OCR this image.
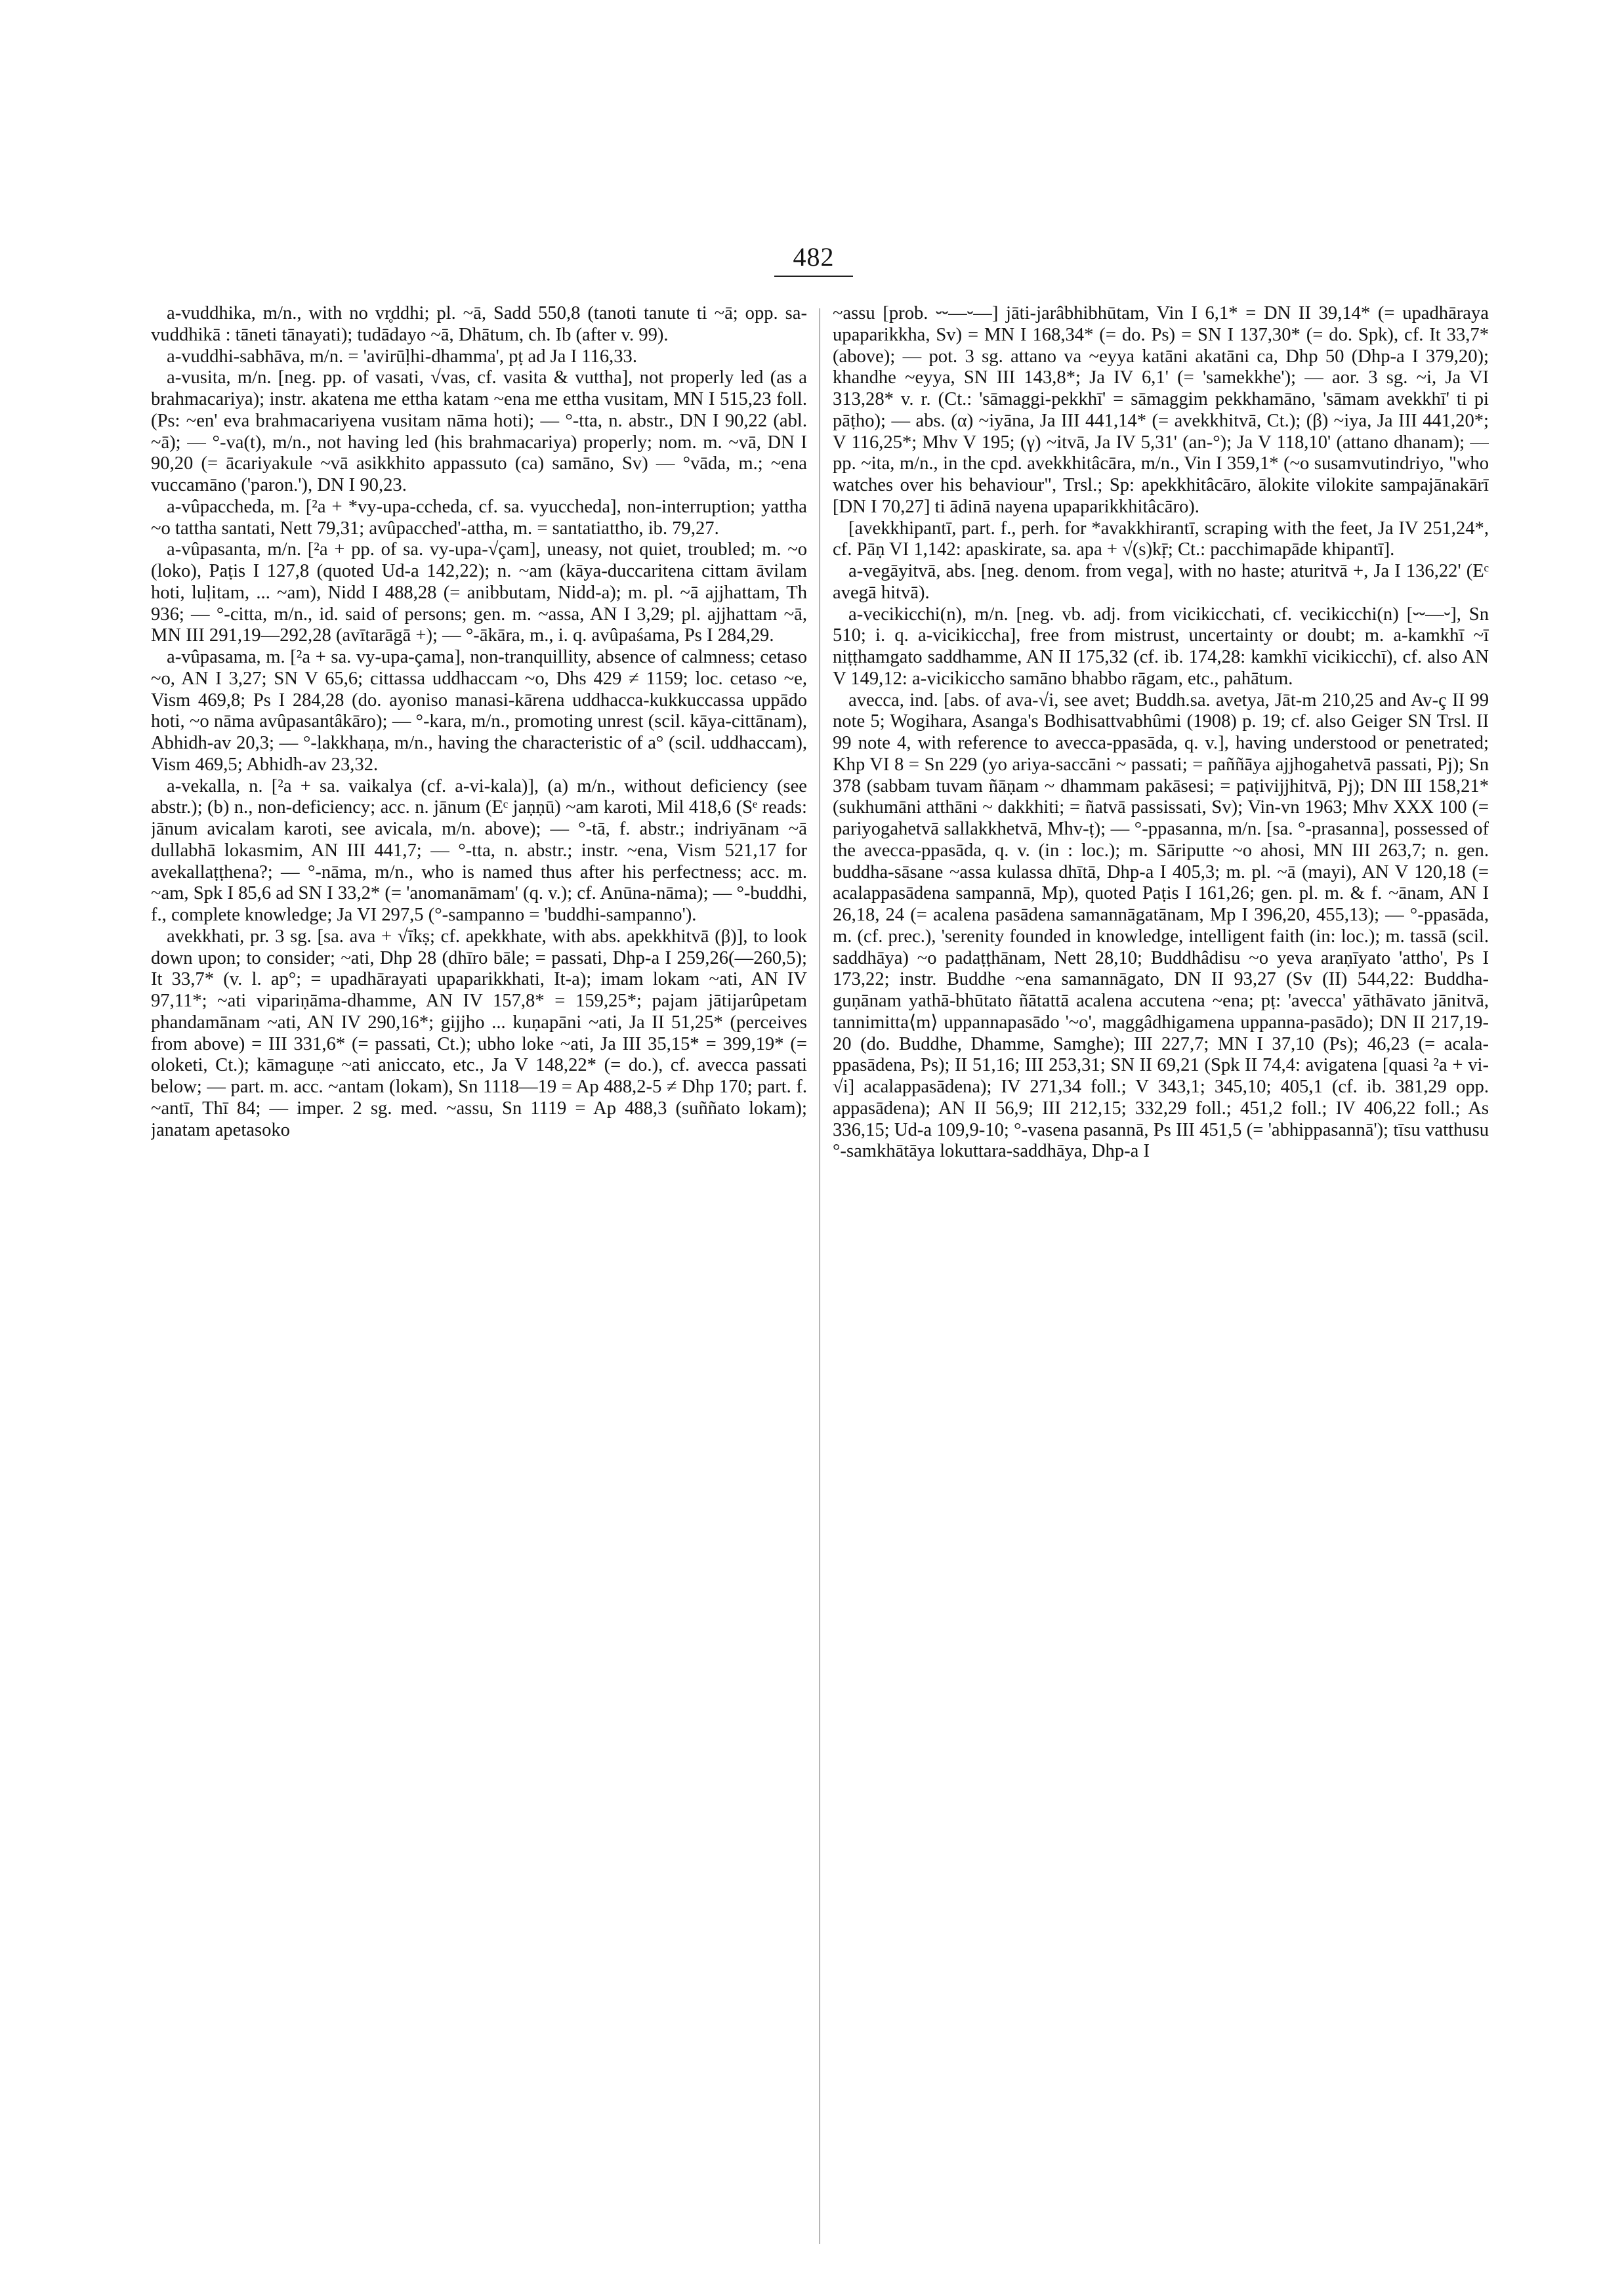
482

a-vuddhika, m/n., with no vr̥ddhi; pl. ~ā, Sadd 550,8 (tanoti tanute ti ~ā; opp. sa-vuddhikā : tāneti tānayati); tudādayo ~ā, Dhātum, ch. Ib (after v. 99).

a-vuddhi-sabhāva, m/n. = 'avirūḷhi-dhamma', pṭ ad Ja I 116,33.

a-vusita, m/n. [neg. pp. of vasati, √vas, cf. vasita & vuttha], not properly led (as a brahmacariya); instr. akatena me ettha katam ~ena me ettha vusitam, MN I 515,23 foll. (Ps: ~en' eva brahmacariyena vusitam nāma hoti); — °-tta, n. abstr., DN I 90,22 (abl. ~ā); — °-va(t), m/n., not having led (his brahmacariya) properly; nom. m. ~vā, DN I 90,20 (= ācariyakule ~vā asikkhito appassuto (ca) samāno, Sv) — °vāda, m.; ~ena vuccamāno ('paron.'), DN I 90,23.

a-vûpaccheda, m. [²a + *vy-upa-ccheda, cf. sa. vyuccheda], non-interruption; yattha ~o tattha santati, Nett 79,31; avûpacched'-attha, m. = santatiattho, ib. 79,27.

a-vûpasanta, m/n. [²a + pp. of sa. vy-upa-√çam], uneasy, not quiet, troubled; m. ~o (loko), Paṭis I 127,8 (quoted Ud-a 142,22); n. ~am (kāya-duccaritena cittam āvilam hoti, luḷitam, ... ~am), Nidd I 488,28 (= anibbutam, Nidd-a); m. pl. ~ā ajjhattam, Th 936; — °-citta, m/n., id. said of persons; gen. m. ~assa, AN I 3,29; pl. ajjhattam ~ā, MN III 291,19—292,28 (avītarāgā +); — °-ākāra, m., i. q. avûpaśama, Ps I 284,29.

a-vûpasama, m. [²a + sa. vy-upa-çama], non-tranquillity, absence of calmness; cetaso ~o, AN I 3,27; SN V 65,6; cittassa uddhaccam ~o, Dhs 429 ≠ 1159; loc. cetaso ~e, Vism 469,8; Ps I 284,28 (do. ayoniso manasi-kārena uddhacca-kukkuccassa uppādo hoti, ~o nāma avûpasantâkāro); — °-kara, m/n., promoting unrest (scil. kāya-cittānam), Abhidh-av 20,3; — °-lakkhaṇa, m/n., having the characteristic of a° (scil. uddhaccam), Vism 469,5; Abhidh-av 23,32.

a-vekalla, n. [²a + sa. vaikalya (cf. a-vi-kala)], (a) m/n., without deficiency (see abstr.); (b) n., non-deficiency; acc. n. jānum (Eᶜ jaṇṇū) ~am karoti, Mil 418,6 (Sᵉ reads: jānum avicalam karoti, see avicala, m/n. above); — °-tā, f. abstr.; indriyānam ~ā dullabhā lokasmim, AN III 441,7; — °-tta, n. abstr.; instr. ~ena, Vism 521,17 for avekallaṭṭhena?; — °-nāma, m/n., who is named thus after his perfectness; acc. m. ~am, Spk I 85,6 ad SN I 33,2* (= 'anomanāmam' (q. v.); cf. Anūna-nāma); — °-buddhi, f., complete knowledge; Ja VI 297,5 (°-sampanno = 'buddhi-sampanno').

avekkhati, pr. 3 sg. [sa. ava + √īkṣ; cf. apekkhate, with abs. apekkhitvā (β)], to look down upon; to consider; ~ati, Dhp 28 (dhīro bāle; = passati, Dhp-a I 259,26(—260,5); It 33,7* (v. l. ap°; = upadhārayati upaparikkhati, It-a); imam lokam ~ati, AN IV 97,11*; ~ati vipariṇāma-dhamme, AN IV 157,8* = 159,25*; pajam jātijarûpetam phandamānam ~ati, AN IV 290,16*; gijjho ... kuṇapāni ~ati, Ja II 51,25* (perceives from above) = III 331,6* (= passati, Ct.); ubho loke ~ati, Ja III 35,15* = 399,19* (= oloketi, Ct.); kāmaguṇe ~ati aniccato, etc., Ja V 148,22* (= do.), cf. avecca passati below; — part. m. acc. ~antam (lokam), Sn 1118—19 = Ap 488,2-5 ≠ Dhp 170; part. f. ~antī, Thī 84; — imper. 2 sg. med. ~assu, Sn 1119 = Ap 488,3 (suññato lokam); janatam apetasoko

~assu [prob. ⏑⏑—⏑—] jāti-jarâbhibhūtam, Vin I 6,1* = DN II 39,14* (= upadhāraya upaparikkha, Sv) = MN I 168,34* (= do. Ps) = SN I 137,30* (= do. Spk), cf. It 33,7* (above); — pot. 3 sg. attano va ~eyya katāni akatāni ca, Dhp 50 (Dhp-a I 379,20); khandhe ~eyya, SN III 143,8*; Ja IV 6,1' (= 'samekkhe'); — aor. 3 sg. ~i, Ja VI 313,28* v. r. (Ct.: 'sāmaggi-pekkhī' = sāmaggim pekkhamāno, 'sāmam avekkhī' ti pi pāṭho); — abs. (α) ~iyāna, Ja III 441,14* (= avekkhitvā, Ct.); (β) ~iya, Ja III 441,20*; V 116,25*; Mhv V 195; (γ) ~itvā, Ja IV 5,31' (an-°); Ja V 118,10' (attano dhanam); — pp. ~ita, m/n., in the cpd. avekkhitâcāra, m/n., Vin I 359,1* (~o susamvutindriyo, "who watches over his behaviour", Trsl.; Sp: apekkhitâcāro, ālokite vilokite sampajānakārī [DN I 70,27] ti ādinā nayena upaparikkhitâcāro).

[avekkhipantī, part. f., perh. for *avakkhirantī, scraping with the feet, Ja IV 251,24*, cf. Pāṇ VI 1,142: apaskirate, sa. apa + √(s)kṝ; Ct.: pacchimapāde khipantī].

a-vegāyitvā, abs. [neg. denom. from vega], with no haste; aturitvā +, Ja I 136,22' (Eᶜ avegā hitvā).

a-vecikicchi(n), m/n. [neg. vb. adj. from vicikicchati, cf. vecikicchi(n) [⏑⏑—⏑], Sn 510; i. q. a-vicikiccha], free from mistrust, uncertainty or doubt; m. a-kamkhī ~ī niṭṭhamgato saddhamme, AN II 175,32 (cf. ib. 174,28: kamkhī vicikicchī), cf. also AN V 149,12: a-vicikiccho samāno bhabbo rāgam, etc., pahātum.

avecca, ind. [abs. of ava-√i, see avet; Buddh.sa. avetya, Jāt-m 210,25 and Av-ç II 99 note 5; Wogihara, Asanga's Bodhisattvabhûmi (1908) p. 19; cf. also Geiger SN Trsl. II 99 note 4, with reference to avecca-ppasāda, q. v.], having understood or penetrated; Khp VI 8 = Sn 229 (yo ariya-saccāni ~ passati; = paññāya ajjhogahetvā passati, Pj); Sn 378 (sabbam tuvam ñāṇam ~ dhammam pakāsesi; = paṭivijjhitvā, Pj); DN III 158,21* (sukhumāni atthāni ~ dakkhiti; = ñatvā passissati, Sv); Vin-vn 1963; Mhv XXX 100 (= pariyogahetvā sallakkhetvā, Mhv-ṭ); — °-ppasanna, m/n. [sa. °-prasanna], possessed of the avecca-ppasāda, q. v. (in : loc.); m. Sāriputte ~o ahosi, MN III 263,7; n. gen. buddha-sāsane ~assa kulassa dhītā, Dhp-a I 405,3; m. pl. ~ā (mayi), AN V 120,18 (= acalappasādena sampannā, Mp), quoted Paṭis I 161,26; gen. pl. m. & f. ~ānam, AN I 26,18, 24 (= acalena pasādena samannāgatānam, Mp I 396,20, 455,13); — °-ppasāda, m. (cf. prec.), 'serenity founded in knowledge, intelligent faith (in: loc.); m. tassā (scil. saddhāya) ~o padaṭṭhānam, Nett 28,10; Buddhâdisu ~o yeva araṇīyato 'attho', Ps I 173,22; instr. Buddhe ~ena samannāgato, DN II 93,27 (Sv (II) 544,22: Buddha-guṇānam yathā-bhūtato ñātattā acalena accutena ~ena; pṭ: 'avecca' yāthāvato jānitvā, tannimitta⟨m⟩ uppannapasādo '~o', maggâdhigamena uppanna-pasādo); DN II 217,19-20 (do. Buddhe, Dhamme, Samghe); III 227,7; MN I 37,10 (Ps); 46,23 (= acala-ppasādena, Ps); II 51,16; III 253,31; SN II 69,21 (Spk II 74,4: avigatena [quasi ²a + vi-√i] acalappasādena); IV 271,34 foll.; V 343,1; 345,10; 405,1 (cf. ib. 381,29 opp. appasādena); AN II 56,9; III 212,15; 332,29 foll.; 451,2 foll.; IV 406,22 foll.; As 336,15; Ud-a 109,9-10; °-vasena pasannā, Ps III 451,5 (= 'abhippasannā'); tīsu vatthusu °-samkhātāya lokuttara-saddhāya, Dhp-a I
